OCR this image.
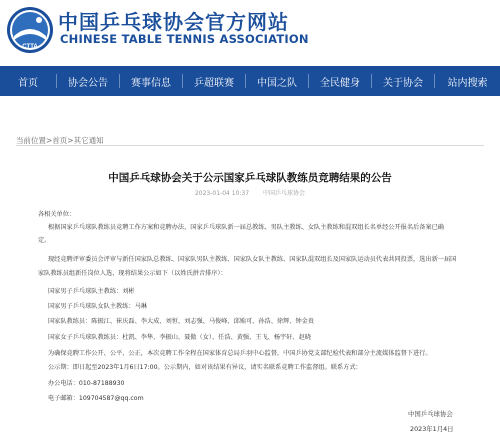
CTTA
中国乒乓球协会官方网站
CHINESE TABLE TENNIS ASSOCIATION
首页	协会公告	赛事信息	乒超联赛	中国之队	全民健身	关于协会	站内搜索
当前位置>首页>其它通知
中国乒乓球协会关于公示国家乒乓球队教练员竞聘结果的公告
2023-01-04 10:37 中国乒乓球协会
各相关单位：
根据国家乒乓球队教练员竞聘工作方案和竞聘办法，国家乒乓球队新一届总教练、男队主教练、女队主教练和混双组长名单经公开报名后备案已确
定。
现经竞聘评审委员会评审与新任国家队总教练、国家队男队主教练、国家队女队主教练、国家队混双组长及国家队运动员代表共同投票，选出新一届国
家队教练员组新任岗位人选，现将结果公示如下（以姓氏拼音排序）：
国家男子乒乓球队主教练：刘彬
国家男子乒乓球队女队主教练：马琳
国家队教练员：陈振江、崔庆磊、李大成、刘恒、刘志强、马俊峰、邱贻可、孙浩、徐辉、钟金贵
国家女子乒乓球队教练员：杜凯、李隼、李振山、聂傲（女）、任浩、黄强、王飞、杨宇轩、赵晓
为确保竞聘工作公开、公平、公正，本次竞聘工作全程在国家体育总局乒羽中心监督，中国乒协党支部纪检代表和部分主流媒体监督下进行。
公示期：即日起至2023年1月6日17:00。公示期内，如对该结果有异议，请实名联系竞聘工作监督组。联系方式：
办公电话：010-87188930
电子邮箱：109704587@qq.com
中国乒乓球协会
2023年1月4日
